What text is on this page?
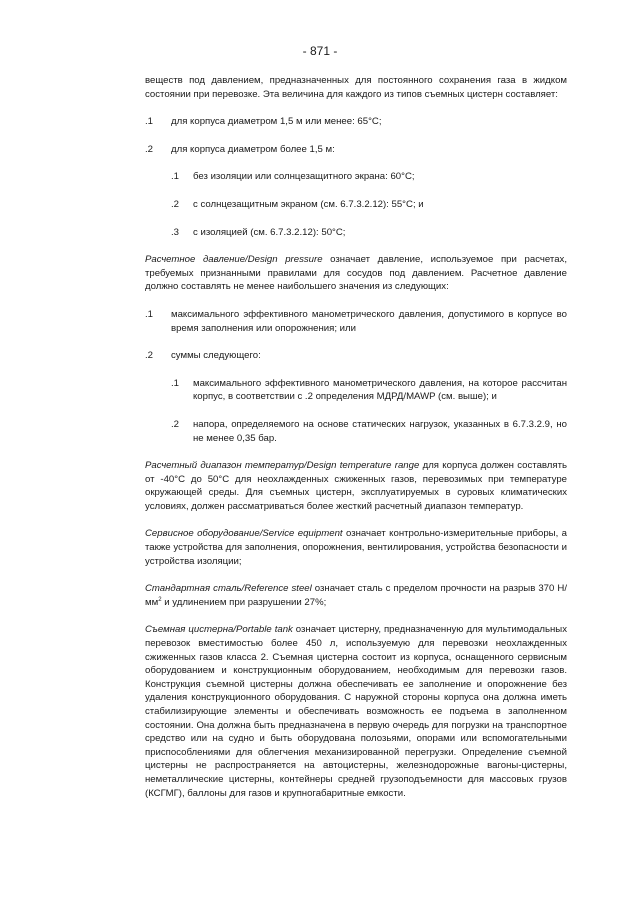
- 871 -

веществ под давлением, предназначенных для постоянного сохранения газа в жидком состоянии при перевозке. Эта величина для каждого из типов съемных цистерн составляет:

.1 для корпуса диаметром 1,5 м или менее: 65°С;
.2 для корпуса диаметром более 1,5 м:
.1 без изоляции или солнцезащитного экрана: 60°С;
.2 с солнцезащитным экраном (см. 6.7.3.2.12): 55°С; и
.3 с изоляцией (см. 6.7.3.2.12): 50°С;

Расчетное давление/Design pressure означает давление, используемое при расчетах, требуемых признанными правилами для сосудов под давлением. Расчетное давление должно составлять не менее наибольшего значения из следующих:

.1 максимального эффективного манометрического давления, допустимого в корпусе во время заполнения или опорожнения; или
.2 суммы следующего:
.1 максимального эффективного манометрического давления, на которое рассчитан корпус, в соответствии с .2 определения МДРД/MAWP (см. выше); и
.2 напора, определяемого на основе статических нагрузок, указанных в 6.7.3.2.9, но не менее 0,35 бар.

Расчетный диапазон температур/Design temperature range для корпуса должен составлять от -40°С до 50°С для неохлажденных сжиженных газов, перевозимых при температуре окружающей среды. Для съемных цистерн, эксплуатируемых в суровых климатических условиях, должен рассматриваться более жесткий расчетный диапазон температур.

Сервисное оборудование/Service equipment означает контрольно-измерительные приборы, а также устройства для заполнения, опорожнения, вентилирования, устройства безопасности и устройства изоляции;

Стандартная сталь/Reference steel означает сталь с пределом прочности на разрыв 370 $Н/мм^2$ и удлинением при разрушении 27%;

Съемная цистерна/Portable tank означает цистерну, предназначенную для мультимодальных перевозок вместимостью более 450 л, используемую для перевозки неохлажденных сжиженных газов класса 2. Съемная цистерна состоит из корпуса, оснащенного сервисным оборудованием и конструкционным оборудованием, необходимым для перевозки газов. Конструкция съемной цистерны должна обеспечивать ее заполнение и опорожнение без удаления конструкционного оборудования. С наружной стороны корпуса она должна иметь стабилизирующие элементы и обеспечивать возможность ее подъема в заполненном состоянии. Она должна быть предназначена в первую очередь для погрузки на транспортное средство или на судно и быть оборудована полозьями, опорами или вспомогательными приспособлениями для облегчения механизированной перегрузки. Определение съемной цистерны не распространяется на автоцистерны, железнодорожные вагоны-цистерны, неметаллические цистерны, контейнеры средней грузоподъемности для массовых грузов (КСГМГ), баллоны для газов и крупногабаритные емкости.
